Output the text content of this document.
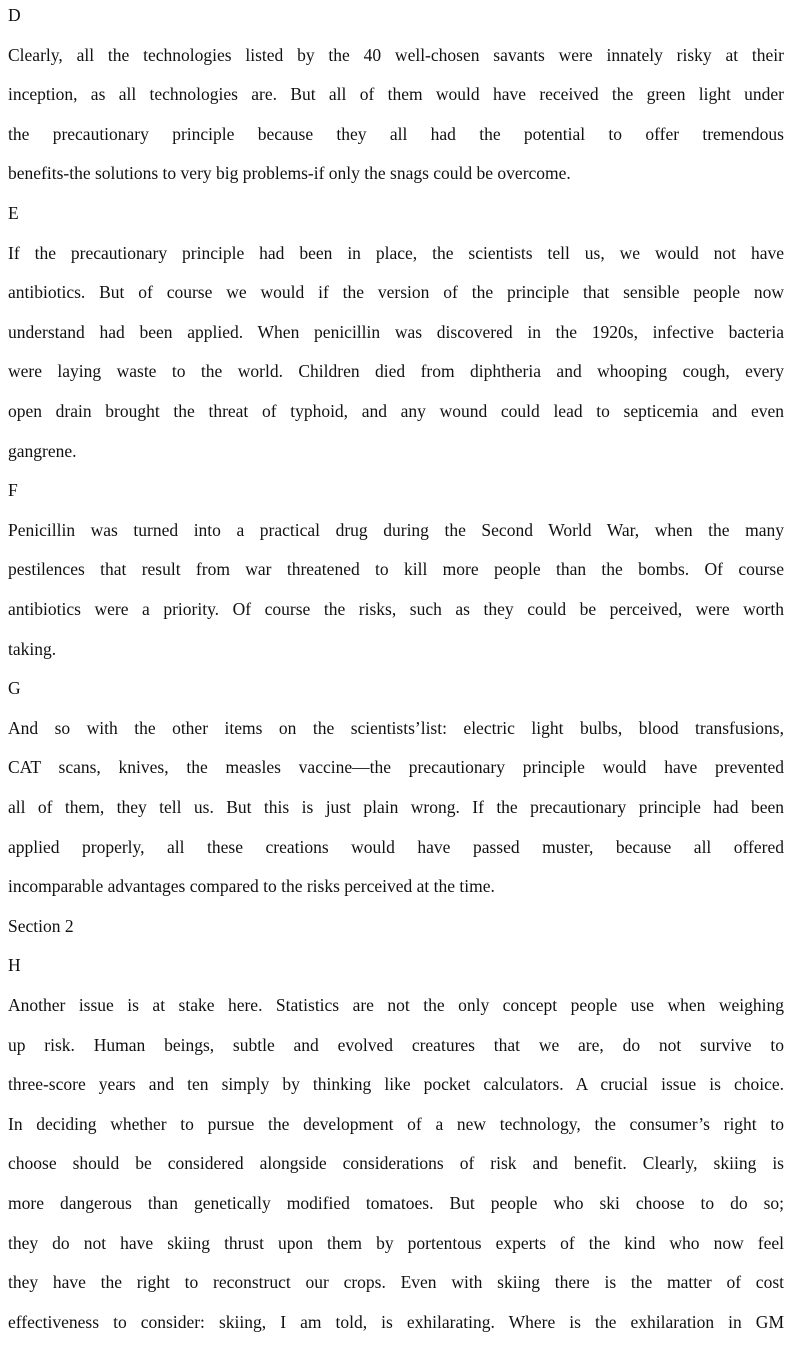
D
Clearly, all the technologies listed by the 40 well-chosen savants were innately risky at their
inception, as all technologies are. But all of them would have received the green light under
the precautionary principle because they all had the potential to offer tremendous
benefits-the solutions to very big problems-if only the snags could be overcome.
E
If the precautionary principle had been in place, the scientists tell us, we would not have
antibiotics. But of course we would if the version of the principle that sensible people now
understand had been applied. When penicillin was discovered in the 1920s, infective bacteria
were laying waste to the world. Children died from diphtheria and whooping cough, every
open drain brought the threat of typhoid, and any wound could lead to septicemia and even
gangrene.
F
Penicillin was turned into a practical drug during the Second World War, when the many
pestilences that result from war threatened to kill more people than the bombs. Of course
antibiotics were a priority. Of course the risks, such as they could be perceived, were worth
taking.
G
And so with the other items on the scientists’list: electric light bulbs, blood transfusions,
CAT scans, knives, the measles vaccine—the precautionary principle would have prevented
all of them, they tell us. But this is just plain wrong. If the precautionary principle had been
applied properly, all these creations would have passed muster, because all offered
incomparable advantages compared to the risks perceived at the time.
Section 2
H
Another issue is at stake here. Statistics are not the only concept people use when weighing
up risk. Human beings, subtle and evolved creatures that we are, do not survive to
three-score years and ten simply by thinking like pocket calculators. A crucial issue is choice.
In deciding whether to pursue the development of a new technology, the consumer’s right to
choose should be considered alongside considerations of risk and benefit. Clearly, skiing is
more dangerous than genetically modified tomatoes. But people who ski choose to do so;
they do not have skiing thrust upon them by portentous experts of the kind who now feel
they have the right to reconstruct our crops. Even with skiing there is the matter of cost
effectiveness to consider: skiing, I am told, is exhilarating. Where is the exhilaration in GM
